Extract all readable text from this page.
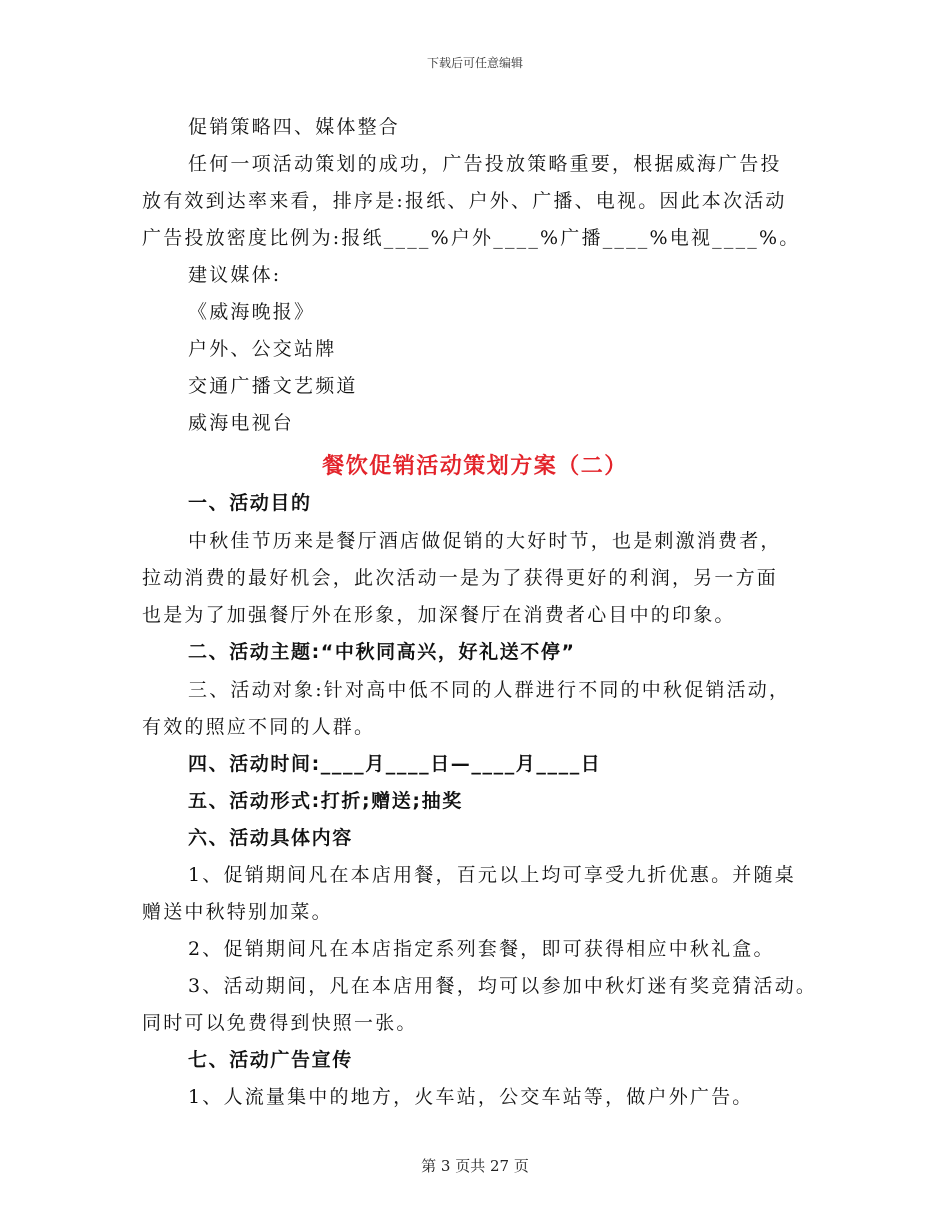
下载后可任意编辑
促销策略四、媒体整合
任何一项活动策划的成功，广告投放策略重要，根据威海广告投
放有效到达率来看，排序是:报纸、户外、广播、电视。因此本次活动
广告投放密度比例为:报纸____%户外____%广播____%电视____%。
建议媒体:
《威海晚报》
户外、公交站牌
交通广播文艺频道
威海电视台
餐饮促销活动策划方案（二）
一、活动目的
中秋佳节历来是餐厅酒店做促销的大好时节，也是刺激消费者，
拉动消费的最好机会，此次活动一是为了获得更好的利润，另一方面
也是为了加强餐厅外在形象，加深餐厅在消费者心目中的印象。
二、活动主题:“中秋同高兴，好礼送不停”
三、活动对象:针对高中低不同的人群进行不同的中秋促销活动，
有效的照应不同的人群。
四、活动时间:____月____日—____月____日
五、活动形式:打折;赠送;抽奖
六、活动具体内容
1、促销期间凡在本店用餐，百元以上均可享受九折优惠。并随桌
赠送中秋特别加菜。
2、促销期间凡在本店指定系列套餐，即可获得相应中秋礼盒。
3、活动期间，凡在本店用餐，均可以参加中秋灯迷有奖竞猜活动。
同时可以免费得到快照一张。
七、活动广告宣传
1、人流量集中的地方，火车站，公交车站等，做户外广告。
第 3 页共 27 页
